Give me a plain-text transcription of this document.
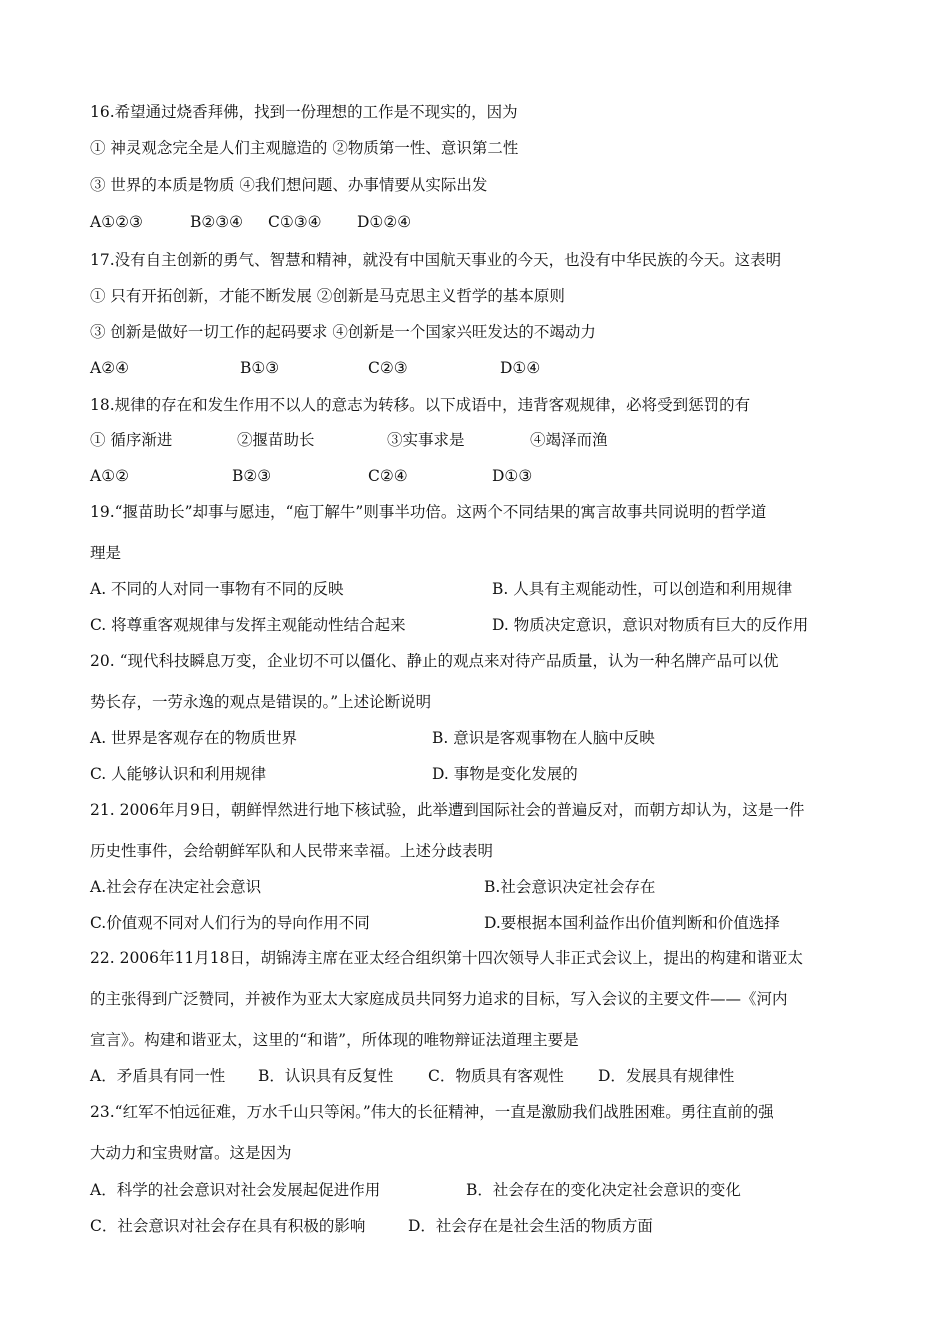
16.希望通过烧香拜佛，找到一份理想的工作是不现实的，因为
① 神灵观念完全是人们主观臆造的 ②物质第一性、意识第二性
③ 世界的本质是物质 ④我们想问题、办事情要从实际出发
A①②③	B②③④ C①③④ D①②④
17.没有自主创新的勇气、智慧和精神，就没有中国航天事业的今天，也没有中华民族的今天。这表明
① 只有开拓创新，才能不断发展 ②创新是马克思主义哲学的基本原则
③ 创新是做好一切工作的起码要求 ④创新是一个国家兴旺发达的不竭动力
A②④	B①③	C②③	D①④
18.规律的存在和发生作用不以人的意志为转移。以下成语中，违背客观规律，必将受到惩罚的有
① 循序渐进	②揠苗助长	③实事求是	④竭泽而渔
A①②	B②③	C②④	D①③
19.“揠苗助长”却事与愿违，“庖丁解牛”则事半功倍。这两个不同结果的寓言故事共同说明的哲学道
理是
A. 不同的人对同一事物有不同的反映	B. 人具有主观能动性，可以创造和利用规律
C. 将尊重客观规律与发挥主观能动性结合起来	D. 物质决定意识，意识对物质有巨大的反作用
20. “现代科技瞬息万变，企业切不可以僵化、静止的观点来对待产品质量，认为一种名牌产品可以优
势长存，一劳永逸的观点是错误的。”上述论断说明
A. 世界是客观存在的物质世界	B. 意识是客观事物在人脑中反映
C. 人能够认识和利用规律	D. 事物是变化发展的
21. 2006年月9日，朝鲜悍然进行地下核试验，此举遭到国际社会的普遍反对，而朝方却认为，这是一件
历史性事件，会给朝鲜军队和人民带来幸福。上述分歧表明
A.社会存在决定社会意识	B.社会意识决定社会存在
C.价值观不同对人们行为的导向作用不同	D.要根据本国利益作出价值判断和价值选择
22. 2006年11月18日，胡锦涛主席在亚太经合组织第十四次领导人非正式会议上，提出的构建和谐亚太
的主张得到广泛赞同，并被作为亚太大家庭成员共同努力追求的目标，写入会议的主要文件——《河内
宣言》。构建和谐亚太，这里的“和谐”，所体现的唯物辩证法道理主要是
A．矛盾具有同一性 B．认识具有反复性 C．物质具有客观性 D．发展具有规律性
23.“红军不怕远征难，万水千山只等闲。”伟大的长征精神，一直是激励我们战胜困难。勇往直前的强
大动力和宝贵财富。这是因为
A．科学的社会意识对社会发展起促进作用	B．社会存在的变化决定社会意识的变化
C．社会意识对社会存在具有积极的影响	D．社会存在是社会生活的物质方面
